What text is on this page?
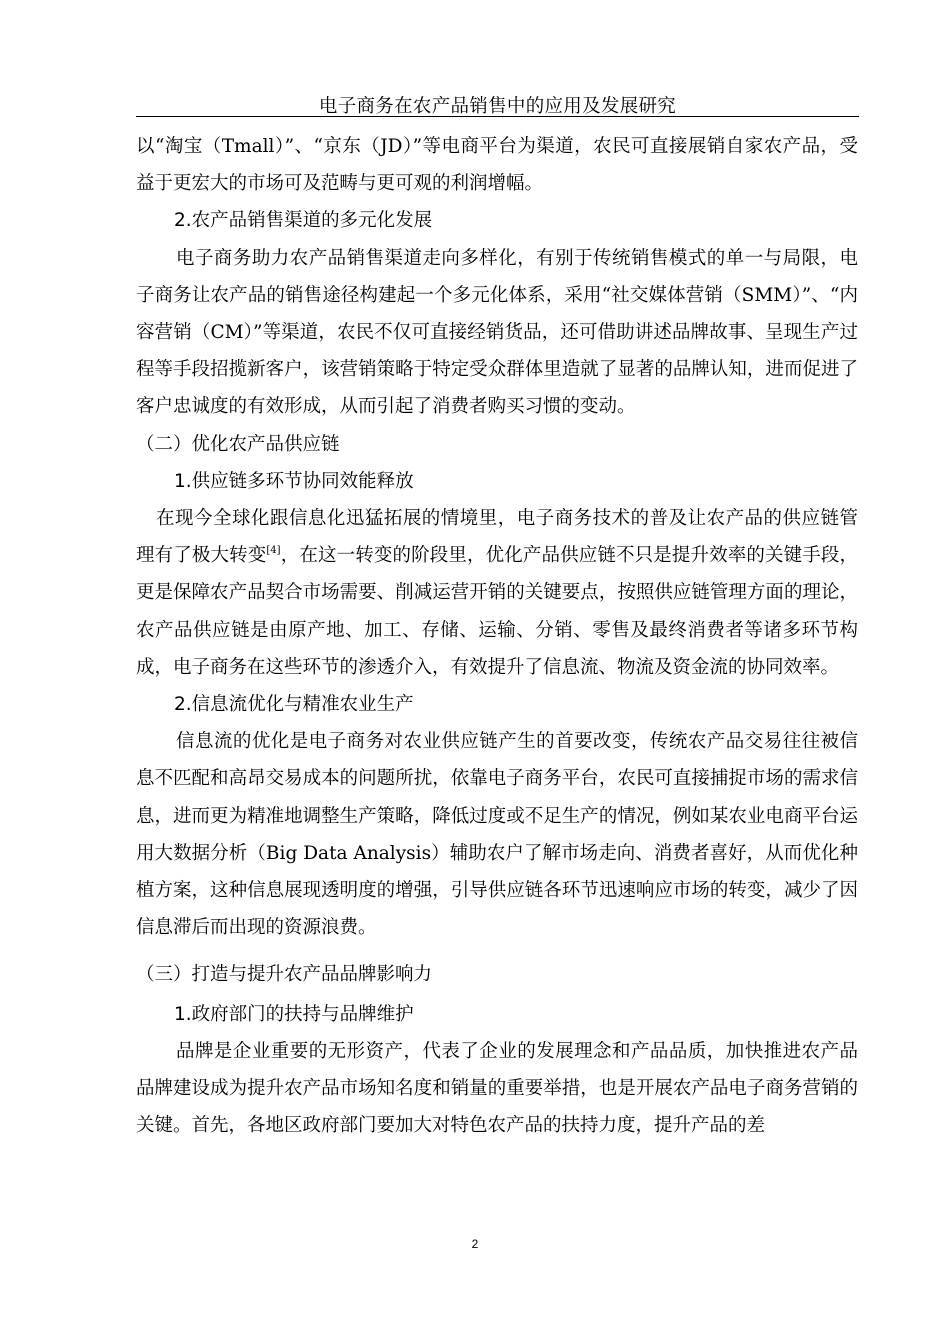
电子商务在农产品销售中的应用及发展研究

以“淘宝（Tmall）”、“京东（JD）”等电商平台为渠道，农民可直接展销自家农产品，受益于更宏大的市场可及范畴与更可观的利润增幅。

2.农产品销售渠道的多元化发展

电子商务助力农产品销售渠道走向多样化，有别于传统销售模式的单一与局限，电子商务让农产品的销售途径构建起一个多元化体系，采用“社交媒体营销（SMM）”、“内容营销（CM）”等渠道，农民不仅可直接经销货品，还可借助讲述品牌故事、呈现生产过程等手段招揽新客户，该营销策略于特定受众群体里造就了显著的品牌认知，进而促进了客户忠诚度的有效形成，从而引起了消费者购买习惯的变动。

（二）优化农产品供应链
1.供应链多环节协同效能释放

在现今全球化跟信息化迅猛拓展的情境里，电子商务技术的普及让农产品的供应链管理有了极大转变[4]，在这一转变的阶段里，优化产品供应链不只是提升效率的关键手段，更是保障农产品契合市场需要、削减运营开销的关键要点，按照供应链管理方面的理论，农产品供应链是由原产地、加工、存储、运输、分销、零售及最终消费者等诸多环节构成，电子商务在这些环节的渗透介入，有效提升了信息流、物流及资金流的协同效率。

2.信息流优化与精准农业生产

信息流的优化是电子商务对农业供应链产生的首要改变，传统农产品交易往往被信息不匹配和高昂交易成本的问题所扰，依靠电子商务平台，农民可直接捕捉市场的需求信息，进而更为精准地调整生产策略，降低过度或不足生产的情况，例如某农业电商平台运用大数据分析（Big Data Analysis）辅助农户了解市场走向、消费者喜好，从而优化种植方案，这种信息展现透明度的增强，引导供应链各环节迅速响应市场的转变，减少了因信息滞后而出现的资源浪费。

（三）打造与提升农产品品牌影响力
1.政府部门的扶持与品牌维护

品牌是企业重要的无形资产，代表了企业的发展理念和产品品质，加快推进农产品品牌建设成为提升农产品市场知名度和销量的重要举措，也是开展农产品电子商务营销的关键。首先，各地区政府部门要加大对特色农产品的扶持力度，提升产品的差

2
